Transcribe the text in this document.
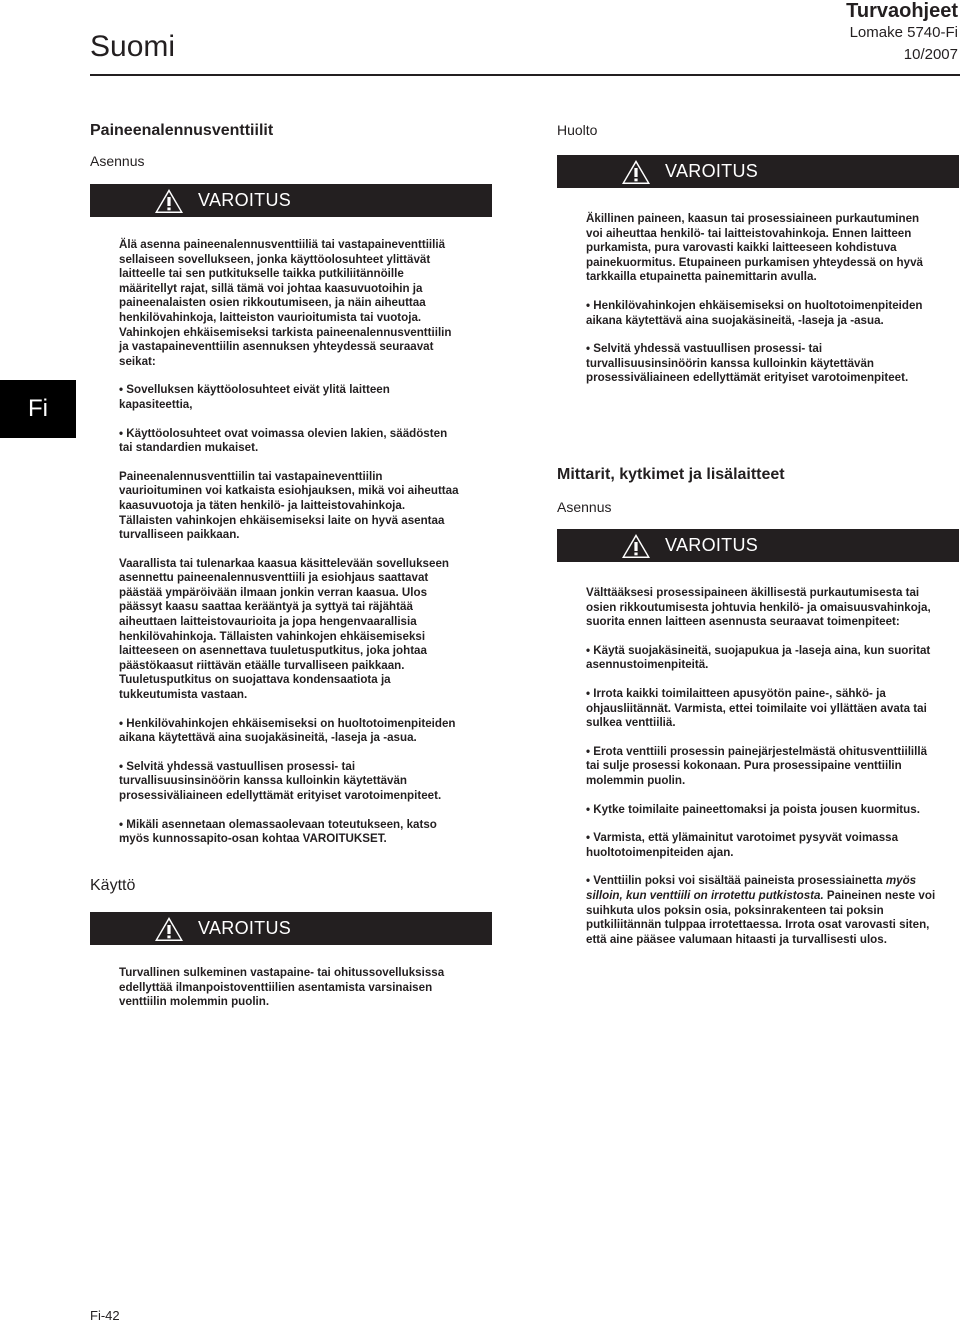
Suomi
Turvaohjeet
Lomake 5740-Fi
10/2007
Fi
Paineenalennusventtiilit
Asennus
VAROITUS

Älä asenna paineenalennusventtiiliä tai vastapaineventtiiliä sellaiseen sovellukseen, jonka käyttöolosuhteet ylittävät laitteelle tai sen putkitukselle taikka putkiliitännöille määritellyt rajat, sillä tämä voi johtaa kaasuvuotoihin ja paineenalaisten osien rikkoutumiseen, ja näin aiheuttaa henkilövahinkoja, laitteiston vaurioitumista tai vuotoja. Vahinkojen ehkäisemiseksi tarkista paineenalennusventtiilin ja vastapaineventtiilin asennuksen yhteydessä seuraavat seikat:

• Sovelluksen käyttöolosuhteet eivät ylitä laitteen kapasiteettia,
• Käyttöolosuhteet ovat voimassa olevien lakien, säädösten tai standardien mukaiset.

Paineenalennusventtiilin tai vastapaineventtiilin vaurioituminen voi katkaista esiohjauksen, mikä voi aiheuttaa kaasuvuotoja ja täten henkilö- ja laitteistovahinkoja. Tällaisten vahinkojen ehkäisemiseksi laite on hyvä asentaa turvalliseen paikkaan.

Vaarallista tai tulenarkaa kaasua käsittelevään sovellukseen asennettu paineenalennusventtiili ja esiohjaus saattavat päästää ympäröivään ilmaan jonkin verran kaasua. Ulos päässyt kaasu saattaa kerääntyä ja syttyä tai räjähtää aiheuttaen laitteistovaurioita ja jopa hengenvaarallisia henkilövahinkoja. Tällaisten vahinkojen ehkäisemiseksi laitteeseen on asennettava tuuletusputkitus, joka johtaa päästökaasut riittävän etäälle turvalliseen paikkaan. Tuuletusputkitus on suojattava kondensaatiota ja tukkeutumista vastaan.

• Henkilövahinkojen ehkäisemiseksi on huoltotoimenpiteiden aikana käytettävä aina suojakäsineitä, -laseja ja -asua.
• Selvitä yhdessä vastuullisen prosessi- tai turvallisuusinsinöörin kanssa kulloinkin käytettävän prosessiväliaineen edellyttämät erityiset varotoimenpiteet.
• Mikäli asennetaan olemassaolevaan toteutukseen, katso myös kunnossapito-osan kohtaa VAROITUKSET.
Käyttö
VAROITUS

Turvallinen sulkeminen vastapaine- tai ohitussovelluksissa edellyttää ilmanpoistoventtiilien asentamista varsinaisen venttiilin molemmin puolin.

Huolto
VAROITUS

Äkillinen paineen, kaasun tai prosessiaineen purkautuminen voi aiheuttaa henkilö- tai laitteistovahinkoja. Ennen laitteen purkamista, pura varovasti kaikki laitteeseen kohdistuva painekuormitus. Etupaineen purkamisen yhteydessä on hyvä tarkkailla etupainetta painemittarin avulla.

• Henkilövahinkojen ehkäisemiseksi on huoltotoimenpiteiden aikana käytettävä aina suojakäsineitä, -laseja ja -asua.
• Selvitä yhdessä vastuullisen prosessi- tai turvallisuusinsinöörin kanssa kulloinkin käytettävän prosessiväliaineen edellyttämät erityiset varotoimenpiteet.
Mittarit, kytkimet ja lisälaitteet
Asennus
VAROITUS

Välttääksesi prosessipaineen äkillisestä purkautumisesta tai osien rikkoutumisesta johtuvia henkilö- ja omaisuusvahinkoja, suorita ennen laitteen asennusta seuraavat toimenpiteet:

• Käytä suojakäsineitä, suojapukua ja -laseja aina, kun suoritat asennustoimenpiteitä.
• Irrota kaikki toimilaitteen apusyötön paine-, sähkö- ja ohjausliitännät. Varmista, ettei toimilaite voi yllättäen avata tai sulkea venttiiliä.
• Erota venttiili prosessin painejärjestelmästä ohitusventtiilillä tai sulje prosessi kokonaan. Pura prosessipaine venttiilin molemmin puolin.
• Kytke toimilaite paineettomaksi ja poista jousen kuormitus.
• Varmista, että ylämainitut varotoimet pysyvät voimassa huoltotoimenpiteiden ajan.
• Venttiilin poksi voi sisältää paineista prosessiainetta myös silloin, kun venttiili on irrotettu putkistosta. Paineinen neste voi suihkuta ulos poksin osia, poksinrakenteen tai poksin putkiliitännän tulppaa irrotettaessa. Irrota osat varovasti siten, että aine pääsee valumaan hitaasti ja turvallisesti ulos.
Fi-42
